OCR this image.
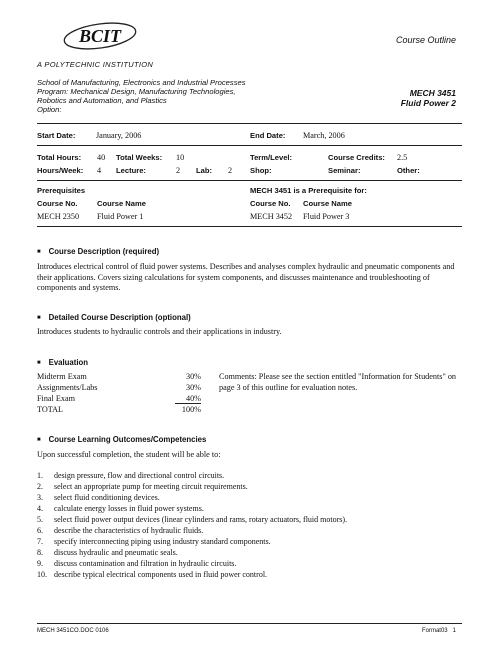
BCIT
A POLYTECHNIC INSTITUTION
Course Outline
School of Manufacturing, Electronics and Industrial Processes
Program: Mechanical Design, Manufacturing Technologies,
Robotics and Automation, and Plastics
Option:
MECH 3451
Fluid Power 2
Start Date:	January, 2006	End Date: March, 2006
Total Hours: 40 Total Weeks: 10	Term/Level:	Course Credits: 2.5
Hours/Week: 4 Lecture:	2 Lab: 2 Shop:	Seminar:	Other:
Prerequisites	MECH 3451 is a Prerequisite for:
Course No.	Course Name	Course No. Course Name
MECH 2350 Fluid Power 1	MECH 3452 Fluid Power 3
■ Course Description (required)
Introduces electrical control of fluid power systems. Describes and analyses complex hydraulic and pneumatic components and their applications. Covers sizing calculations for system components, and discusses maintenance and troubleshooting of components and systems.
■ Detailed Course Description (optional)
Introduces students to hydraulic controls and their applications in industry.
■ Evaluation
Midterm Exam	30%
Assignments/Labs	30%
Final Exam	40%
TOTAL	100%
Comments: Please see the section entitled "Information for Students" on page 3 of this outline for evaluation notes.
■ Course Learning Outcomes/Competencies
Upon successful completion, the student will be able to:
1. design pressure, flow and directional control circuits.
2. select an appropriate pump for meeting circuit requirements.
3. select fluid conditioning devices.
4. calculate energy losses in fluid power systems.
5. select fluid power output devices (linear cylinders and rams, rotary actuators, fluid motors).
6. describe the characteristics of hydraulic fluids.
7. specify interconnecting piping using industry standard components.
8. discuss hydraulic and pneumatic seals.
9. discuss contamination and filtration in hydraulic circuits.
10. describe typical electrical components used in fluid power control.
MECH 3451CO.DOC 0106	Format03 1
